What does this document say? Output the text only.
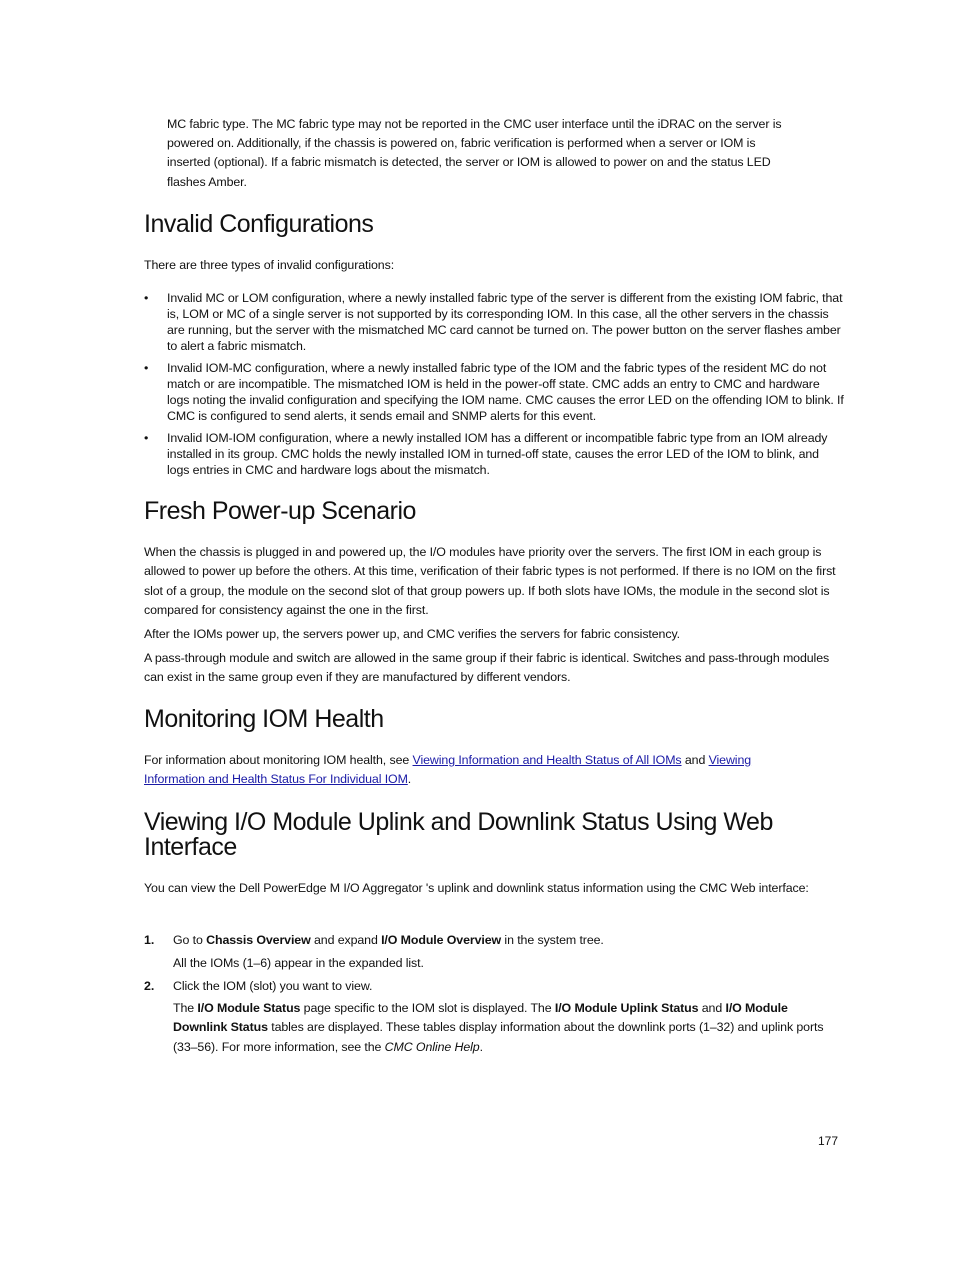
MC fabric type. The MC fabric type may not be reported in the CMC user interface until the iDRAC on the server is

powered on. Additionally, if the chassis is powered on, fabric verification is performed when a server or IOM is

inserted (optional). If a fabric mismatch is detected, the server or IOM is allowed to power on and the status LED

flashes Amber.

Invalid Configurations

There are three types of invalid configurations:

• Invalid MC or LOM configuration, where a newly installed fabric type of the server is different from the existing IOM fabric, that is, LOM or MC of a single server is not supported by its corresponding IOM. In this case, all the other servers in the chassis are running, but the server with the mismatched MC card cannot be turned on. The power button on the server flashes amber to alert a fabric mismatch.
• Invalid IOM-MC configuration, where a newly installed fabric type of the IOM and the fabric types of the resident MC do not match or are incompatible. The mismatched IOM is held in the power-off state. CMC adds an entry to CMC and hardware logs noting the invalid configuration and specifying the IOM name. CMC causes the error LED on the offending IOM to blink. If CMC is configured to send alerts, it sends email and SNMP alerts for this event.
• Invalid IOM-IOM configuration, where a newly installed IOM has a different or incompatible fabric type from an IOM already installed in its group. CMC holds the newly installed IOM in turned-off state, causes the error LED of the IOM to blink, and logs entries in CMC and hardware logs about the mismatch.
Fresh Power-up Scenario

When the chassis is plugged in and powered up, the I/O modules have priority over the servers. The first IOM in each group is allowed to power up before the others. At this time, verification of their fabric types is not performed. If there is no IOM on the first slot of a group, the module on the second slot of that group powers up. If both slots have IOMs, the module in the second slot is compared for consistency against the one in the first.

After the IOMs power up, the servers power up, and CMC verifies the servers for fabric consistency.

A pass-through module and switch are allowed in the same group if their fabric is identical. Switches and pass-through modules can exist in the same group even if they are manufactured by different vendors.

Monitoring IOM Health

For information about monitoring IOM health, see Viewing Information and Health Status of All IOMs and Viewing Information and Health Status For Individual IOM.

Viewing I/O Module Uplink and Downlink Status Using Web
Interface

You can view the Dell PowerEdge M I/O Aggregator 's uplink and downlink status information using the CMC Web interface:

1. Go to Chassis Overview and expand I/O Module Overview in the system tree.

All the IOMs (1–6) appear in the expanded list.

2. Click the IOM (slot) you want to view.

The I/O Module Status page specific to the IOM slot is displayed. The I/O Module Uplink Status and I/O Module Downlink Status tables are displayed. These tables display information about the downlink ports (1–32) and uplink ports (33–56). For more information, see the CMC Online Help.

177
